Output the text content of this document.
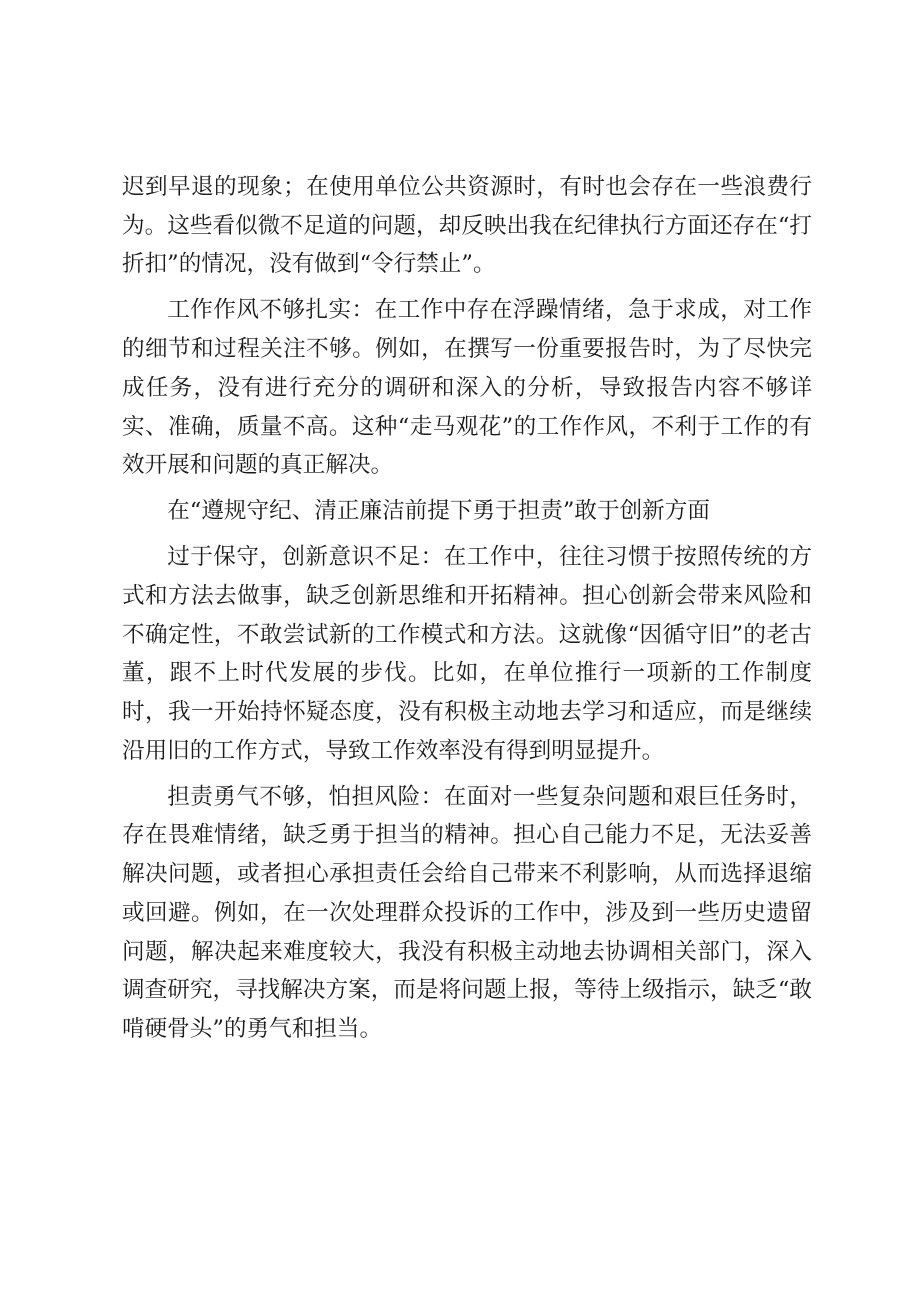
迟到早退的现象；在使用单位公共资源时，有时也会存在一些浪费行为。这些看似微不足道的问题，却反映出我在纪律执行方面还存在“打折扣”的情况，没有做到“令行禁止”。

工作作风不够扎实：在工作中存在浮躁情绪，急于求成，对工作的细节和过程关注不够。例如，在撰写一份重要报告时，为了尽快完成任务，没有进行充分的调研和深入的分析，导致报告内容不够详实、准确，质量不高。这种“走马观花”的工作作风，不利于工作的有效开展和问题的真正解决。

在“遵规守纪、清正廉洁前提下勇于担责”敢于创新方面

过于保守，创新意识不足：在工作中，往往习惯于按照传统的方式和方法去做事，缺乏创新思维和开拓精神。担心创新会带来风险和不确定性，不敢尝试新的工作模式和方法。这就像“因循守旧”的老古董，跟不上时代发展的步伐。比如，在单位推行一项新的工作制度时，我一开始持怀疑态度，没有积极主动地去学习和适应，而是继续沿用旧的工作方式，导致工作效率没有得到明显提升。

担责勇气不够，怕担风险：在面对一些复杂问题和艰巨任务时，存在畏难情绪，缺乏勇于担当的精神。担心自己能力不足，无法妥善解决问题，或者担心承担责任会给自己带来不利影响，从而选择退缩或回避。例如，在一次处理群众投诉的工作中，涉及到一些历史遗留问题，解决起来难度较大，我没有积极主动地去协调相关部门，深入调查研究，寻找解决方案，而是将问题上报，等待上级指示，缺乏“敢啃硬骨头”的勇气和担当。
